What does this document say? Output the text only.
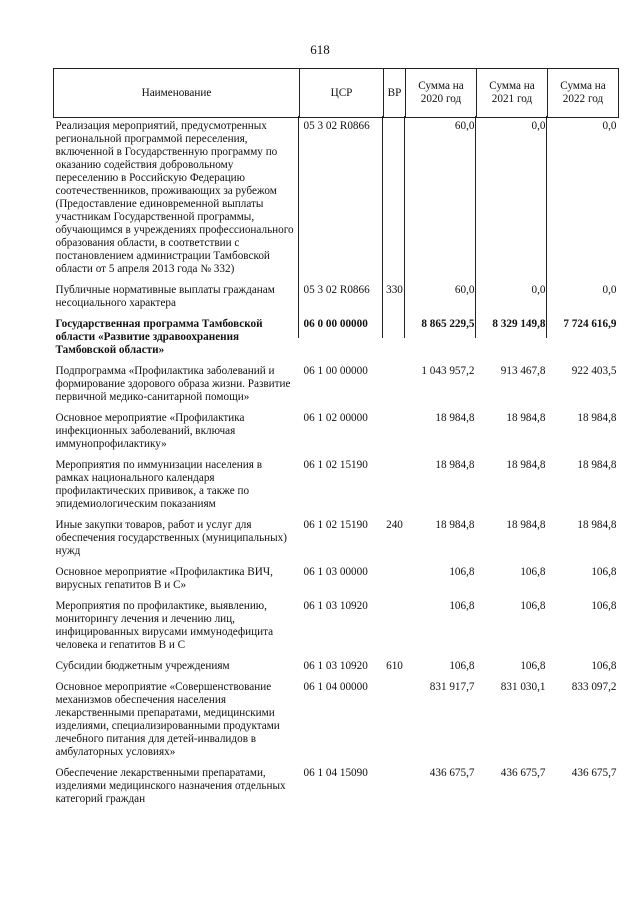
618
Наименование	ЦСР	ВР	Сумма на 2020 год	Сумма на 2021 год	Сумма на 2022 год
Реализация мероприятий, предусмотренных региональной программой переселения, включенной в Государственную программу по оказанию содействия добровольному переселению в Российскую Федерацию соотечественников, проживающих за рубежом (Предоставление единовременной выплаты участникам Государственной программы, обучающимся в учреждениях профессионального образования области, в соответствии с постановлением администрации Тамбовской области от 5 апреля 2013 года № 332)	05 3 02 R0866		60,0	0,0	0,0
Публичные нормативные выплаты гражданам несоциального характера	05 3 02 R0866	330	60,0	0,0	0,0
Государственная программа Тамбовской области «Развитие здравоохранения Тамбовской области»	06 0 00 00000		8 865 229,5	8 329 149,8	7 724 616,9
Подпрограмма «Профилактика заболеваний и формирование здорового образа жизни. Развитие первичной медико-санитарной помощи»	06 1 00 00000		1 043 957,2	913 467,8	922 403,5
Основное мероприятие «Профилактика инфекционных заболеваний, включая иммунопрофилактику»	06 1 02 00000		18 984,8	18 984,8	18 984,8
Мероприятия по иммунизации населения в рамках национального календаря профилактических прививок, а также по эпидемиологическим показаниям	06 1 02 15190		18 984,8	18 984,8	18 984,8
Иные закупки товаров, работ и услуг для обеспечения государственных (муниципальных) нужд	06 1 02 15190	240	18 984,8	18 984,8	18 984,8
Основное мероприятие «Профилактика ВИЧ, вирусных гепатитов В и С»	06 1 03 00000		106,8	106,8	106,8
Мероприятия по профилактике, выявлению, мониторингу лечения и лечению лиц, инфицированных вирусами иммунодефицита человека и гепатитов В и С	06 1 03 10920		106,8	106,8	106,8
Субсидии бюджетным учреждениям	06 1 03 10920	610	106,8	106,8	106,8
Основное мероприятие «Совершенствование механизмов обеспечения населения лекарственными препаратами, медицинскими изделиями, специализированными продуктами лечебного питания для детей-инвалидов в амбулаторных условиях»	06 1 04 00000		831 917,7	831 030,1	833 097,2
Обеспечение лекарственными препаратами, изделиями медицинского назначения отдельных категорий граждан	06 1 04 15090		436 675,7	436 675,7	436 675,7
